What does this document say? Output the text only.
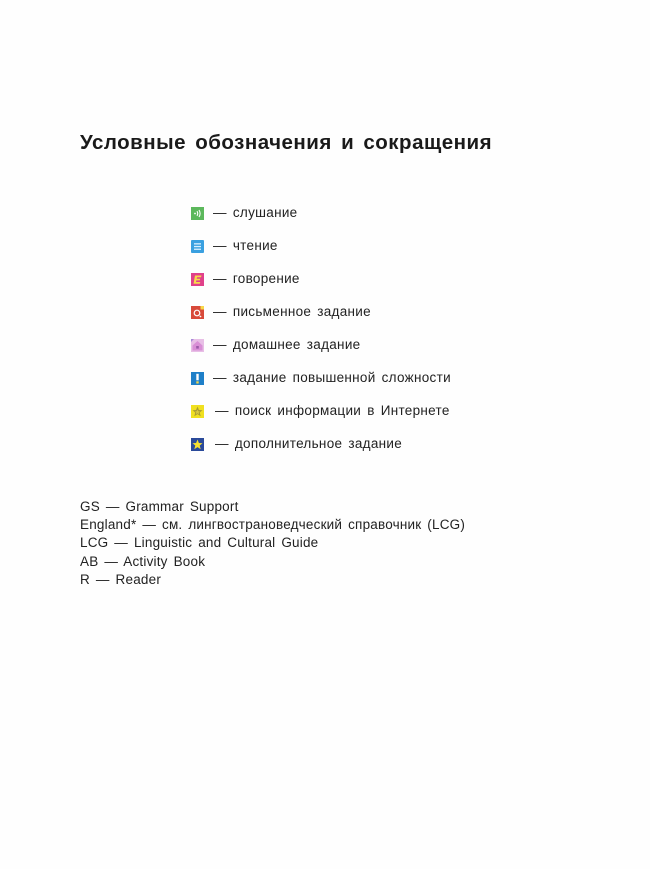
Условные обозначения и сокращения
— слушание
— чтение
— говорение
— письменное задание
— домашнее задание
— задание повышенной сложности
— поиск информации в Интернете
— дополнительное задание
GS — Grammar Support
England* — см. лингвострановедческий справочник (LCG)
LCG — Linguistic and Cultural Guide
AB — Activity Book
R — Reader
